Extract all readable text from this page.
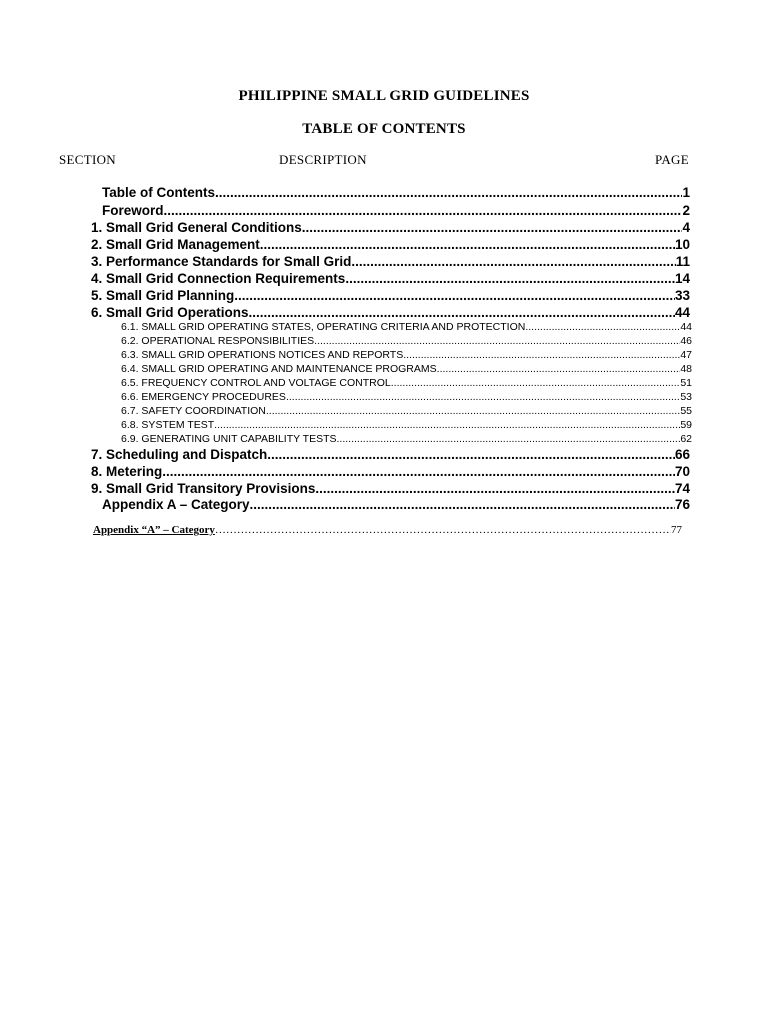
PHILIPPINE SMALL GRID GUIDELINES
TABLE OF CONTENTS
SECTION	DESCRIPTION	PAGE
Table of Contents .....	1
Foreword .....	2
1. Small Grid General Conditions .....	4
2. Small Grid Management .....	10
3. Performance Standards for Small Grid .....	11
4. Small Grid Connection Requirements .....	14
5. Small Grid Planning .....	33
6. Small Grid Operations .....	44
6.1. SMALL GRID OPERATING STATES, OPERATING CRITERIA AND PROTECTION .....	44
6.2. OPERATIONAL RESPONSIBILITIES .....	46
6.3. SMALL GRID OPERATIONS NOTICES AND REPORTS .....	47
6.4. SMALL GRID OPERATING AND MAINTENANCE PROGRAMS .....	48
6.5. FREQUENCY CONTROL AND VOLTAGE CONTROL .....	51
6.6. EMERGENCY PROCEDURES .....	53
6.7. SAFETY COORDINATION .....	55
6.8. SYSTEM TEST .....	59
6.9. GENERATING UNIT CAPABILITY TESTS .....	62
7. Scheduling and Dispatch .....	66
8. Metering .....	70
9. Small Grid Transitory Provisions .....	74
Appendix A – Category .....	76
Appendix “A” – Category ……………………………………………………………………………………………………………………………………………………………………………………………	77
